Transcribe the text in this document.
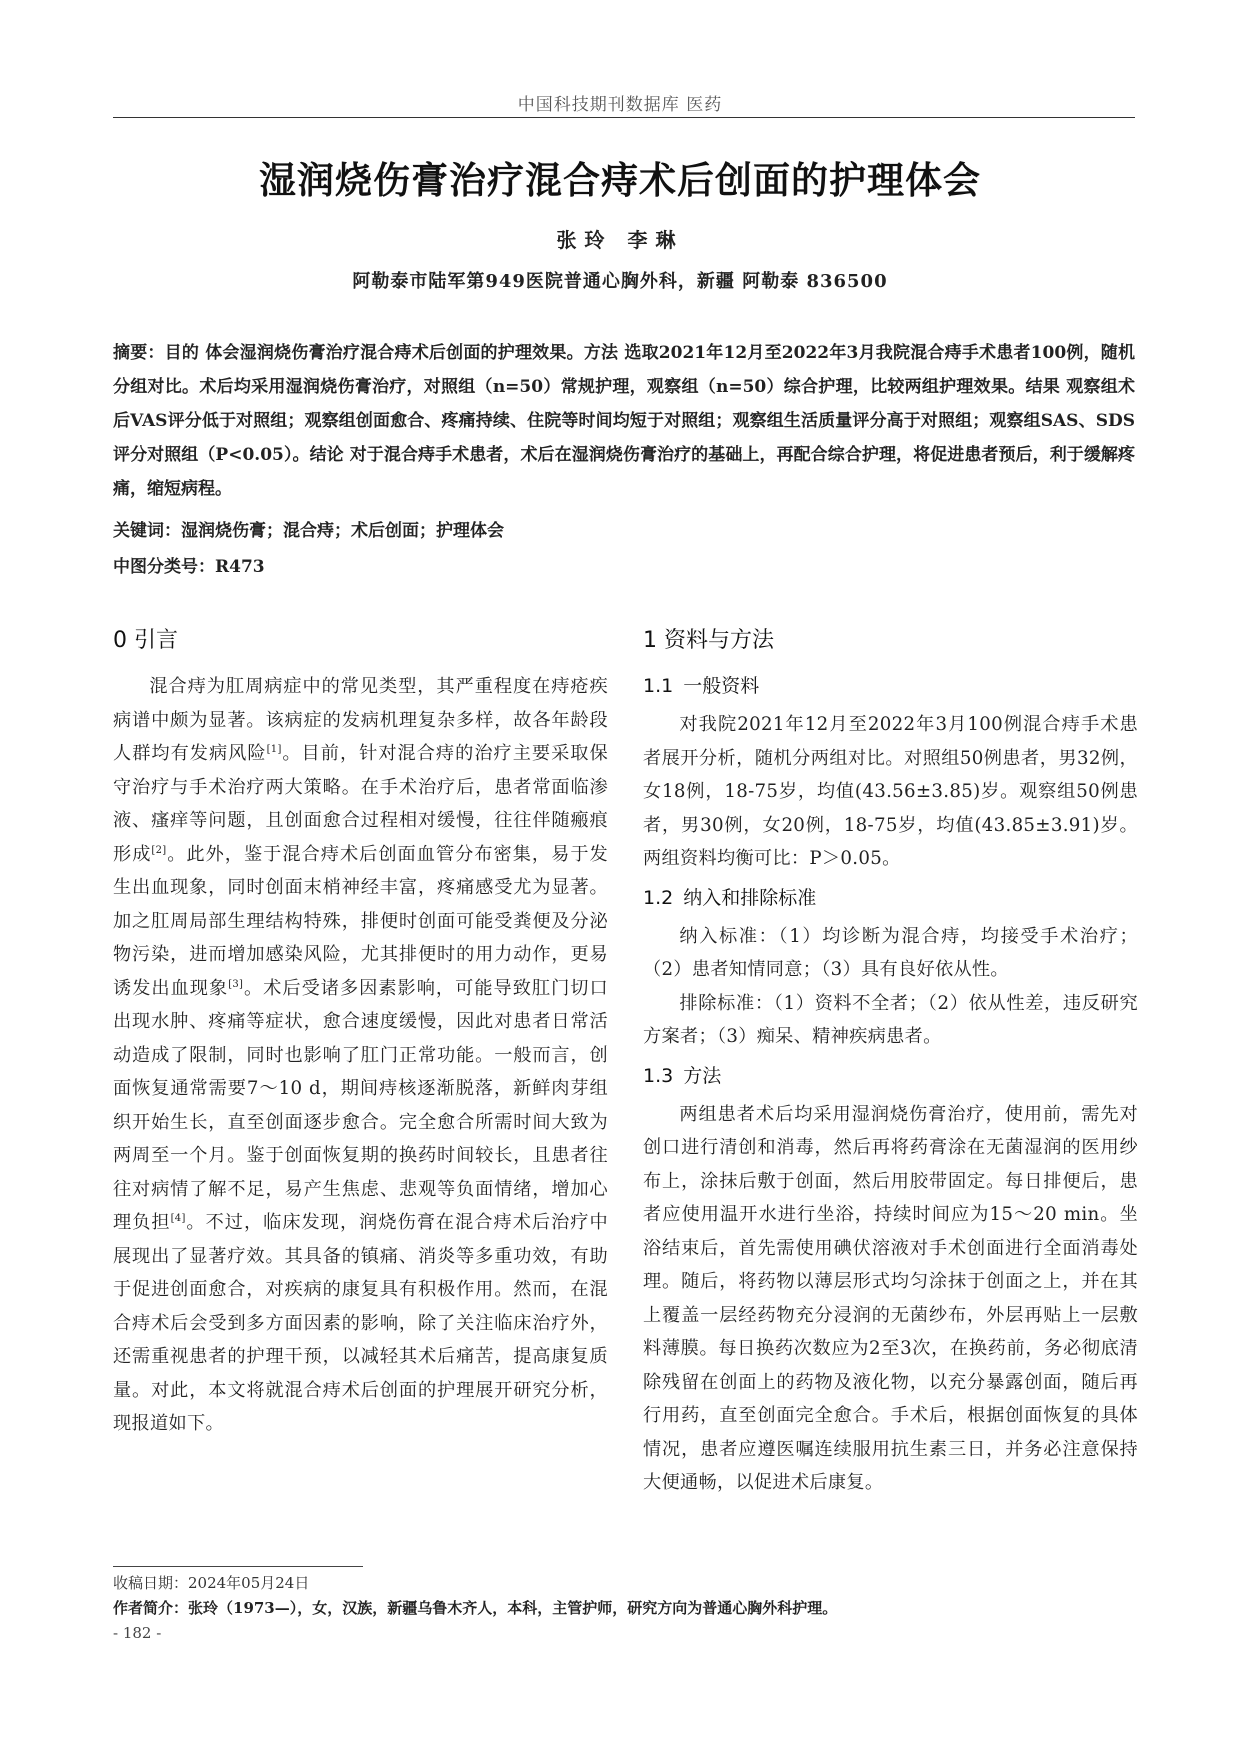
中国科技期刊数据库 医药
湿润烧伤膏治疗混合痔术后创面的护理体会
张玲 李琳
阿勒泰市陆军第949医院普通心胸外科，新疆 阿勒泰 836500
摘要：目的 体会湿润烧伤膏治疗混合痔术后创面的护理效果。方法 选取2021年12月至2022年3月我院混合痔手术患者100例，随机分组对比。术后均采用湿润烧伤膏治疗，对照组（n=50）常规护理，观察组（n=50）综合护理，比较两组护理效果。结果 观察组术后VAS评分低于对照组；观察组创面愈合、疼痛持续、住院等时间均短于对照组；观察组生活质量评分高于对照组；观察组SAS、SDS评分对照组（P<0.05）。结论 对于混合痔手术患者，术后在湿润烧伤膏治疗的基础上，再配合综合护理，将促进患者预后，利于缓解疼痛，缩短病程。
关键词：湿润烧伤膏；混合痔；术后创面；护理体会
中图分类号：R473
0 引言

混合痔为肛周病症中的常见类型，其严重程度在痔疮疾病谱中颇为显著。该病症的发病机理复杂多样，故各年龄段人群均有发病风险[1]。目前，针对混合痔的治疗主要采取保守治疗与手术治疗两大策略。在手术治疗后，患者常面临渗液、瘙痒等问题，且创面愈合过程相对缓慢，往往伴随瘢痕形成[2]。此外，鉴于混合痔术后创面血管分布密集，易于发生出血现象，同时创面末梢神经丰富，疼痛感受尤为显著。加之肛周局部生理结构特殊，排便时创面可能受粪便及分泌物污染，进而增加感染风险，尤其排便时的用力动作，更易诱发出血现象[3]。术后受诸多因素影响，可能导致肛门切口出现水肿、疼痛等症状，愈合速度缓慢，因此对患者日常活动造成了限制，同时也影响了肛门正常功能。一般而言，创面恢复通常需要7～10 d，期间痔核逐渐脱落，新鲜肉芽组织开始生长，直至创面逐步愈合。完全愈合所需时间大致为两周至一个月。鉴于创面恢复期的换药时间较长，且患者往往对病情了解不足，易产生焦虑、悲观等负面情绪，增加心理负担[4]。不过，临床发现，润烧伤膏在混合痔术后治疗中展现出了显著疗效。其具备的镇痛、消炎等多重功效，有助于促进创面愈合，对疾病的康复具有积极作用。然而，在混合痔术后会受到多方面因素的影响，除了关注临床治疗外，还需重视患者的护理干预，以减轻其术后痛苦，提高康复质量。对此，本文将就混合痔术后创面的护理展开研究分析，现报道如下。

1 资料与方法
1.1 一般资料

对我院2021年12月至2022年3月100例混合痔手术患者展开分析，随机分两组对比。对照组50例患者，男32例，女18例，18-75岁，均值(43.56±3.85)岁。观察组50例患者，男30例，女20例，18-75岁，均值(43.85±3.91)岁。两组资料均衡可比：P＞0.05。

1.2 纳入和排除标准

纳入标准：（1）均诊断为混合痔，均接受手术治疗；（2）患者知情同意；（3）具有良好依从性。

排除标准：（1）资料不全者；（2）依从性差，违反研究方案者；（3）痴呆、精神疾病患者。

1.3 方法

两组患者术后均采用湿润烧伤膏治疗，使用前，需先对创口进行清创和消毒，然后再将药膏涂在无菌湿润的医用纱布上，涂抹后敷于创面，然后用胶带固定。每日排便后，患者应使用温开水进行坐浴，持续时间应为15～20 min。坐浴结束后，首先需使用碘伏溶液对手术创面进行全面消毒处理。随后，将药物以薄层形式均匀涂抹于创面之上，并在其上覆盖一层经药物充分浸润的无菌纱布，外层再贴上一层敷料薄膜。每日换药次数应为2至3次，在换药前，务必彻底清除残留在创面上的药物及液化物，以充分暴露创面，随后再行用药，直至创面完全愈合。手术后，根据创面恢复的具体情况，患者应遵医嘱连续服用抗生素三日，并务必注意保持大便通畅，以促进术后康复。

收稿日期：2024年05月24日
作者简介：张玲（1973—），女，汉族，新疆乌鲁木齐人，本科，主管护师，研究方向为普通心胸外科护理。
- 182 -
